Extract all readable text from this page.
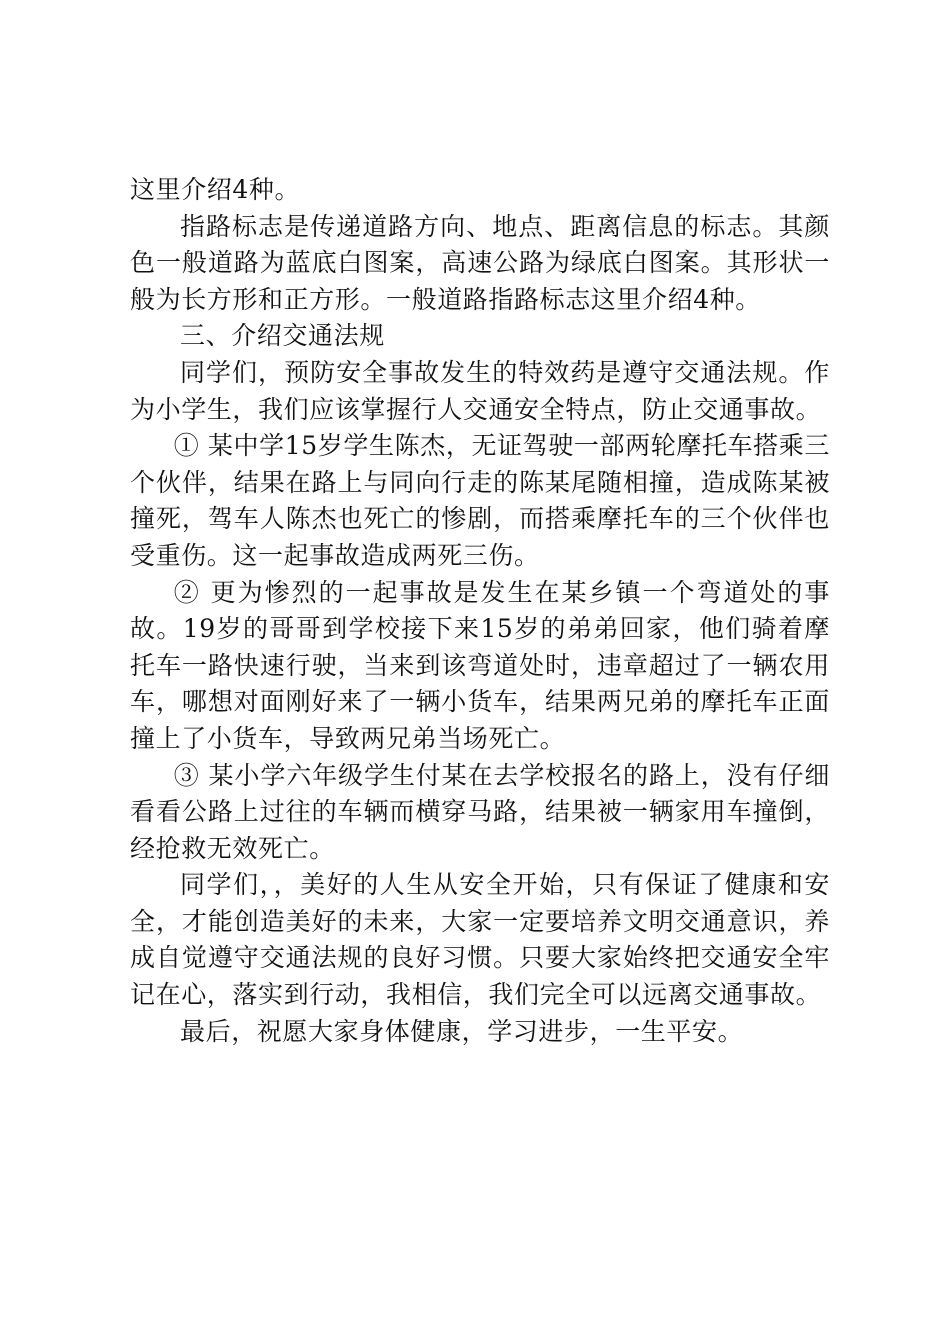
这里介绍4种。

指路标志是传递道路方向、地点、距离信息的标志。其颜色一般道路为蓝底白图案，高速公路为绿底白图案。其形状一般为长方形和正方形。一般道路指路标志这里介绍4种。

三、介绍交通法规

同学们，预防安全事故发生的特效药是遵守交通法规。作为小学生，我们应该掌握行人交通安全特点，防止交通事故。

① 某中学15岁学生陈杰，无证驾驶一部两轮摩托车搭乘三个伙伴，结果在路上与同向行走的陈某尾随相撞，造成陈某被撞死，驾车人陈杰也死亡的惨剧，而搭乘摩托车的三个伙伴也受重伤。这一起事故造成两死三伤。

② 更为惨烈的一起事故是发生在某乡镇一个弯道处的事故。19岁的哥哥到学校接下来15岁的弟弟回家，他们骑着摩托车一路快速行驶，当来到该弯道处时，违章超过了一辆农用车，哪想对面刚好来了一辆小货车，结果两兄弟的摩托车正面撞上了小货车，导致两兄弟当场死亡。

③ 某小学六年级学生付某在去学校报名的路上，没有仔细看看公路上过往的车辆而横穿马路，结果被一辆家用车撞倒，经抢救无效死亡。

同学们，，美好的人生从安全开始，只有保证了健康和安全，才能创造美好的未来，大家一定要培养文明交通意识，养成自觉遵守交通法规的良好习惯。只要大家始终把交通安全牢记在心，落实到行动，我相信，我们完全可以远离交通事故。

最后，祝愿大家身体健康，学习进步，一生平安。
